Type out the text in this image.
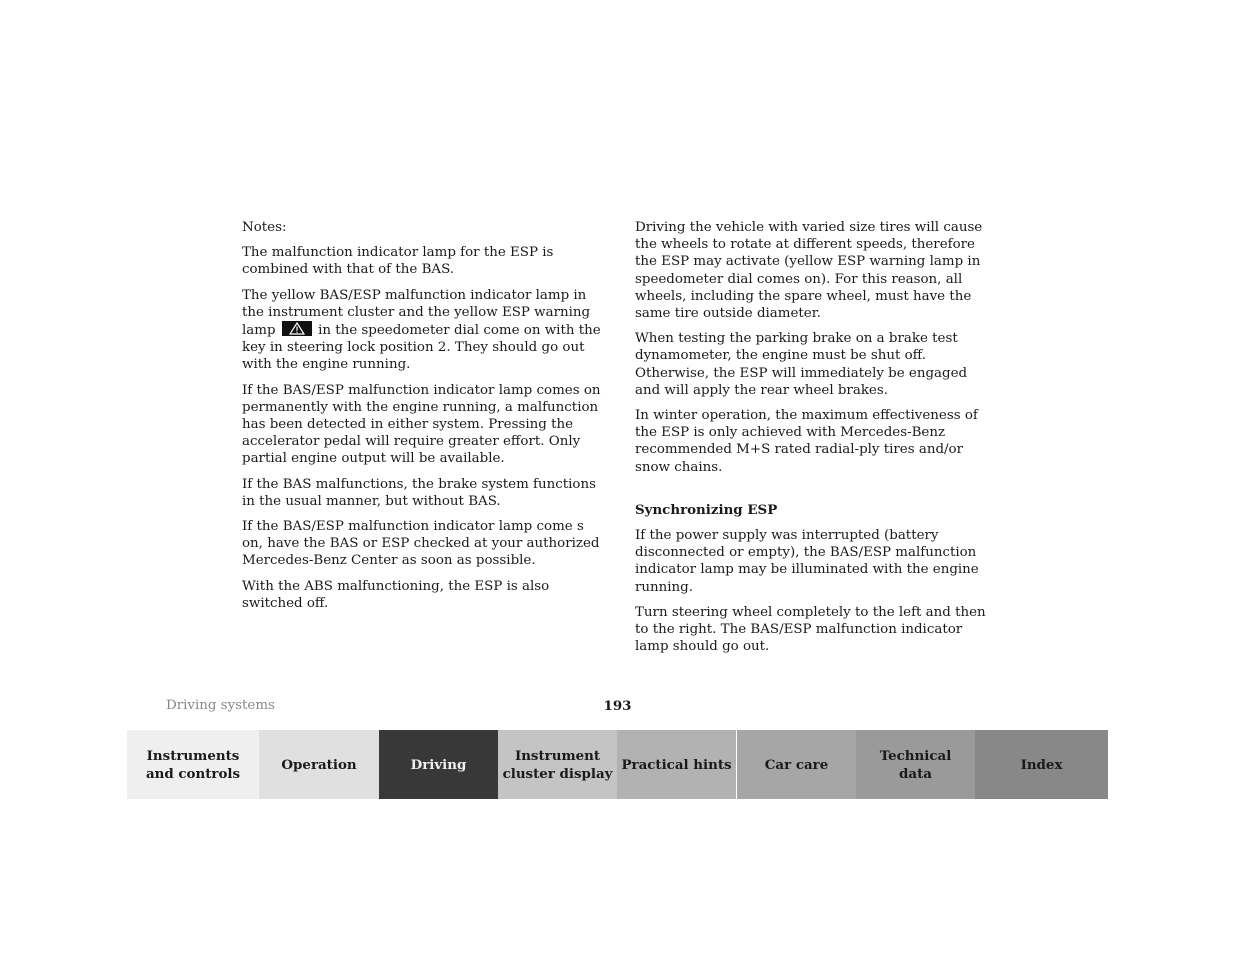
Notes:

The malfunction indicator lamp for the ESP is combined with that of the BAS.

The yellow BAS/ESP malfunction indicator lamp in the instrument cluster and the yellow ESP warning lamp	in the speedometer dial come on with the key in steering lock position 2. They should go out with the engine running.

If the BAS/ESP malfunction indicator lamp comes on permanently with the engine running, a malfunction has been detected in either system. Pressing the accelerator pedal will require greater effort. Only partial engine output will be available.

If the BAS malfunctions, the brake system functions in the usual manner, but without BAS.

If the BAS/ESP malfunction indicator lamp come s on, have the BAS or ESP checked at your authorized Mercedes-Benz Center as soon as possible.

With the ABS malfunctioning, the ESP is also switched off.

Driving the vehicle with varied size tires will cause the wheels to rotate at different speeds, therefore the ESP may activate (yellow ESP warning lamp in speedometer dial comes on). For this reason, all wheels, including the spare wheel, must have the same tire outside diameter.

When testing the parking brake on a brake test dynamometer, the engine must be shut off. Otherwise, the ESP will immediately be engaged and will apply the rear wheel brakes.

In winter operation, the maximum effectiveness of the ESP is only achieved with Mercedes-Benz recommended M+S rated radial-ply tires and/or snow chains.

Synchronizing ESP

If the power supply was interrupted (battery disconnected or empty), the BAS/ESP malfunction indicator lamp may be illuminated with the engine running.

Turn steering wheel completely to the left and then to the right. The BAS/ESP malfunction indicator lamp should go out.

Driving systems	193
Instruments
and controls
Operation	Driving
Instrument
cluster display
Practical hints	Car care
Technical
data
Index
